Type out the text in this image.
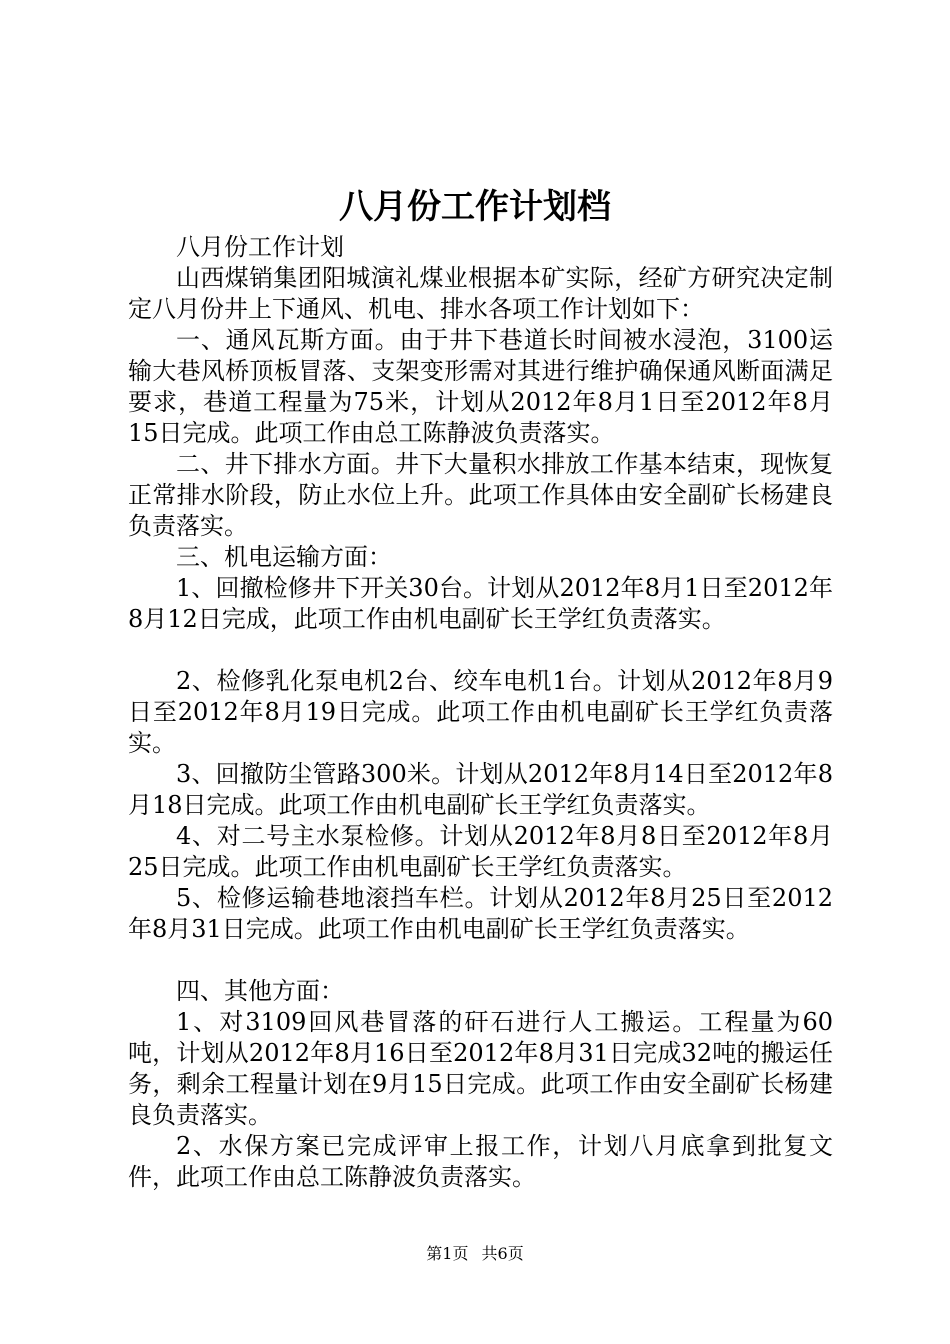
八月份工作计划档

八月份工作计划

山西煤销集团阳城演礼煤业根据本矿实际，经矿方研究决定制定八月份井上下通风、机电、排水各项工作计划如下：

一、通风瓦斯方面。由于井下巷道长时间被水浸泡，3100运输大巷风桥顶板冒落、支架变形需对其进行维护确保通风断面满足要求，巷道工程量为75米，计划从2012年8月1日至2012年8月15日完成。此项工作由总工陈静波负责落实。

二、井下排水方面。井下大量积水排放工作基本结束，现恢复正常排水阶段，防止水位上升。此项工作具体由安全副矿长杨建良负责落实。

三、机电运输方面：

1、回撤检修井下开关30台。计划从2012年8月1日至2012年8月12日完成，此项工作由机电副矿长王学红负责落实。

2、检修乳化泵电机2台、绞车电机1台。计划从2012年8月9日至2012年8月19日完成。此项工作由机电副矿长王学红负责落实。

3、回撤防尘管路300米。计划从2012年8月14日至2012年8月18日完成。此项工作由机电副矿长王学红负责落实。

4、对二号主水泵检修。计划从2012年8月8日至2012年8月25日完成。此项工作由机电副矿长王学红负责落实。

5、检修运输巷地滚挡车栏。计划从2012年8月25日至2012年8月31日完成。此项工作由机电副矿长王学红负责落实。

四、其他方面：

1、对3109回风巷冒落的矸石进行人工搬运。工程量为60吨，计划从2012年8月16日至2012年8月31日完成32吨的搬运任务，剩余工程量计划在9月15日完成。此项工作由安全副矿长杨建良负责落实。

2、水保方案已完成评审上报工作，计划八月底拿到批复文件，此项工作由总工陈静波负责落实。

第1页 共6页
